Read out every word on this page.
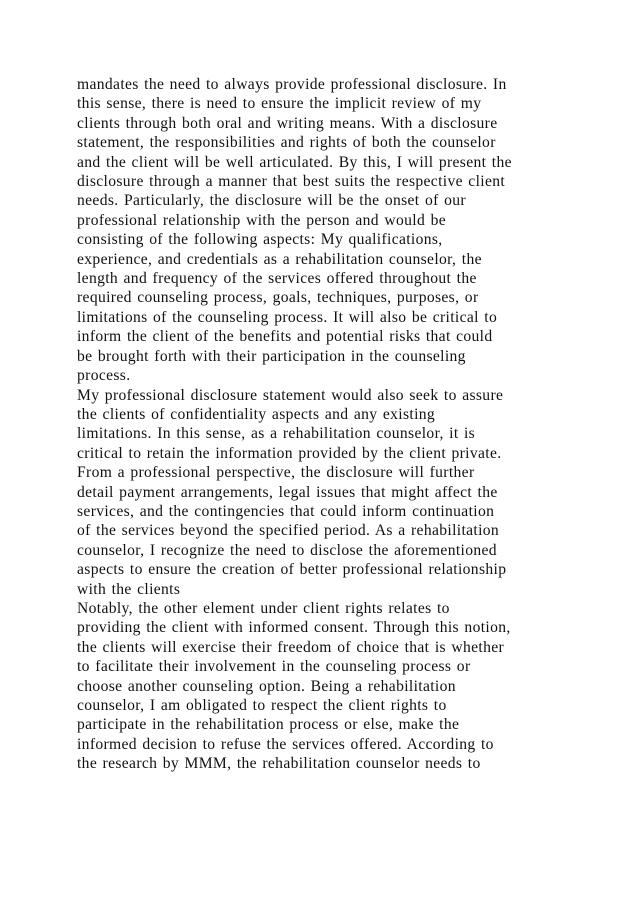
mandates the need to always provide professional disclosure. In
this sense, there is need to ensure the implicit review of my
clients through both oral and writing means. With a disclosure
statement, the responsibilities and rights of both the counselor
and the client will be well articulated. By this, I will present the
disclosure through a manner that best suits the respective client
needs. Particularly, the disclosure will be the onset of our
professional relationship with the person and would be
consisting of the following aspects: My qualifications,
experience, and credentials as a rehabilitation counselor, the
length and frequency of the services offered throughout the
required counseling process, goals, techniques, purposes, or
limitations of the counseling process. It will also be critical to
inform the client of the benefits and potential risks that could
be brought forth with their participation in the counseling
process.
My professional disclosure statement would also seek to assure
the clients of confidentiality aspects and any existing
limitations. In this sense, as a rehabilitation counselor, it is
critical to retain the information provided by the client private.
From a professional perspective, the disclosure will further
detail payment arrangements, legal issues that might affect the
services, and the contingencies that could inform continuation
of the services beyond the specified period. As a rehabilitation
counselor, I recognize the need to disclose the aforementioned
aspects to ensure the creation of better professional relationship
with the clients
Notably, the other element under client rights relates to
providing the client with informed consent. Through this notion,
the clients will exercise their freedom of choice that is whether
to facilitate their involvement in the counseling process or
choose another counseling option. Being a rehabilitation
counselor, I am obligated to respect the client rights to
participate in the rehabilitation process or else, make the
informed decision to refuse the services offered. According to
the research by MMM, the rehabilitation counselor needs to
